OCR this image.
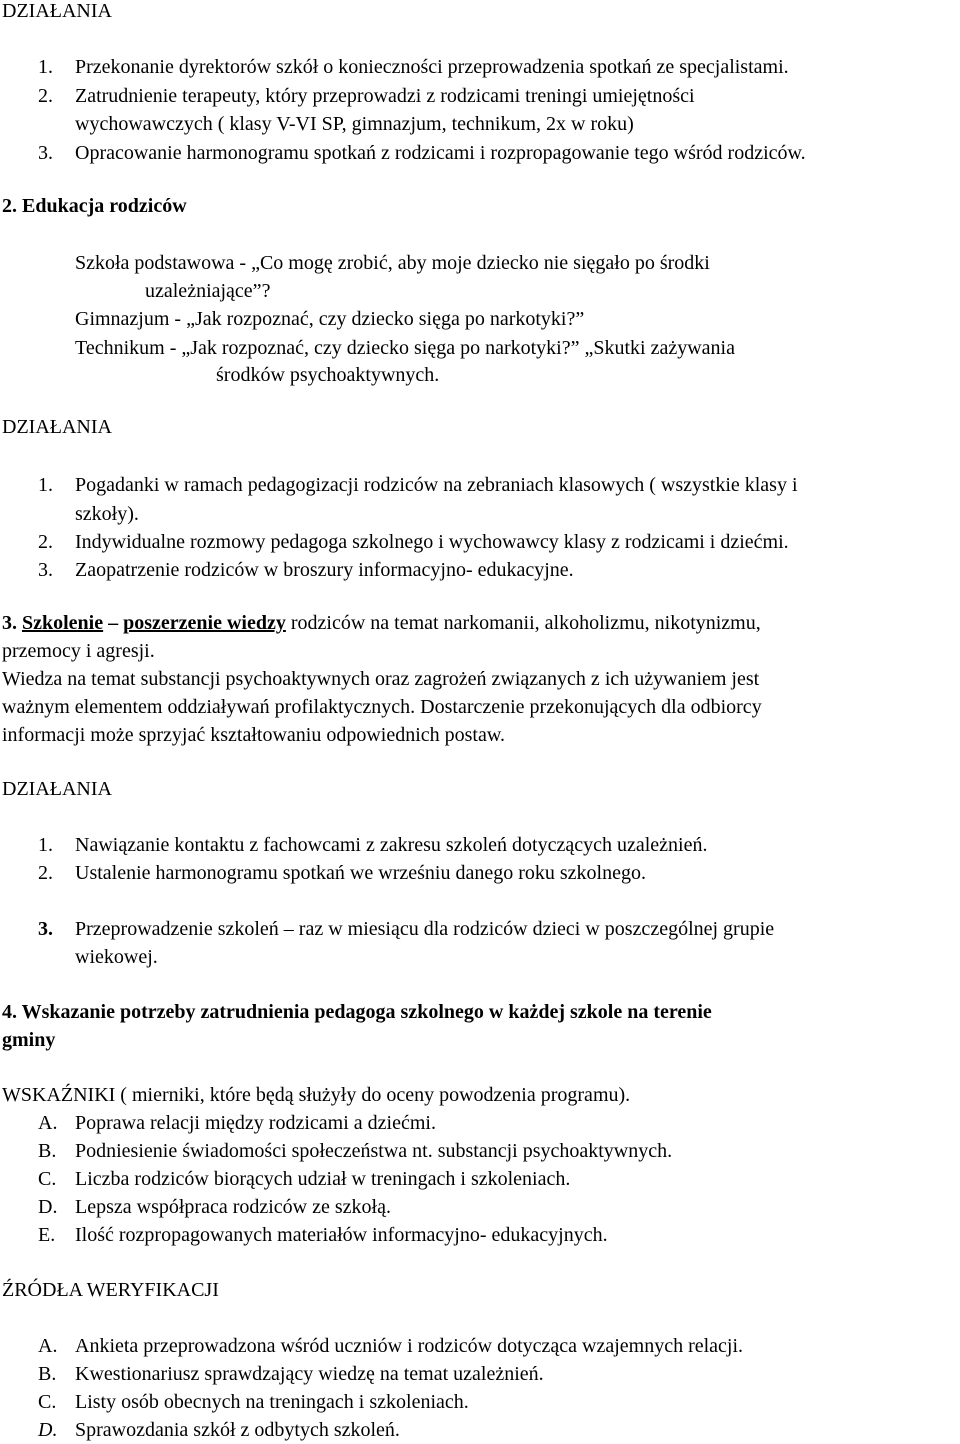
DZIAŁANIA
1. Przekonanie dyrektorów szkół o konieczności przeprowadzenia spotkań ze specjalistami.
2. Zatrudnienie terapeuty, który przeprowadzi z rodzicami treningi umiejętności
wychowawczych ( klasy V-VI SP, gimnazjum, technikum, 2x w roku)
3. Opracowanie harmonogramu spotkań z rodzicami i rozpropagowanie tego wśród rodziców.
2. Edukacja rodziców
Szkoła podstawowa - „Co mogę zrobić, aby moje dziecko nie sięgało po środki
uzależniające”?
Gimnazjum - „Jak rozpoznać, czy dziecko sięga po narkotyki?”
Technikum - „Jak rozpoznać, czy dziecko sięga po narkotyki?” „Skutki zażywania
środków psychoaktywnych.
DZIAŁANIA
1. Pogadanki w ramach pedagogizacji rodziców na zebraniach klasowych ( wszystkie klasy i
szkoły).
2. Indywidualne rozmowy pedagoga szkolnego i wychowawcy klasy z rodzicami i dziećmi.
3. Zaopatrzenie rodziców w broszury informacyjno- edukacyjne.
3. Szkolenie – poszerzenie wiedzy rodziców na temat narkomanii, alkoholizmu, nikotynizmu,
przemocy i agresji.
Wiedza na temat substancji psychoaktywnych oraz zagrożeń związanych z ich używaniem jest
ważnym elementem oddziaływań profilaktycznych. Dostarczenie przekonujących dla odbiorcy
informacji może sprzyjać kształtowaniu odpowiednich postaw.
DZIAŁANIA
1. Nawiązanie kontaktu z fachowcami z zakresu szkoleń dotyczących uzależnień.
2. Ustalenie harmonogramu spotkań we wrześniu danego roku szkolnego.
3. Przeprowadzenie szkoleń – raz w miesiącu dla rodziców dzieci w poszczególnej grupie
wiekowej.
4. Wskazanie potrzeby zatrudnienia pedagoga szkolnego w każdej szkole na terenie
gminy
WSKAŹNIKI ( mierniki, które będą służyły do oceny powodzenia programu).
A. Poprawa relacji między rodzicami a dziećmi.
B. Podniesienie świadomości społeczeństwa nt. substancji psychoaktywnych.
C. Liczba rodziców biorących udział w treningach i szkoleniach.
D. Lepsza współpraca rodziców ze szkołą.
E. Ilość rozpropagowanych materiałów informacyjno- edukacyjnych.
ŹRÓDŁA WERYFIKACJI
A. Ankieta przeprowadzona wśród uczniów i rodziców dotycząca wzajemnych relacji.
B. Kwestionariusz sprawdzający wiedzę na temat uzależnień.
C. Listy osób obecnych na treningach i szkoleniach.
D. Sprawozdania szkół z odbytych szkoleń.
